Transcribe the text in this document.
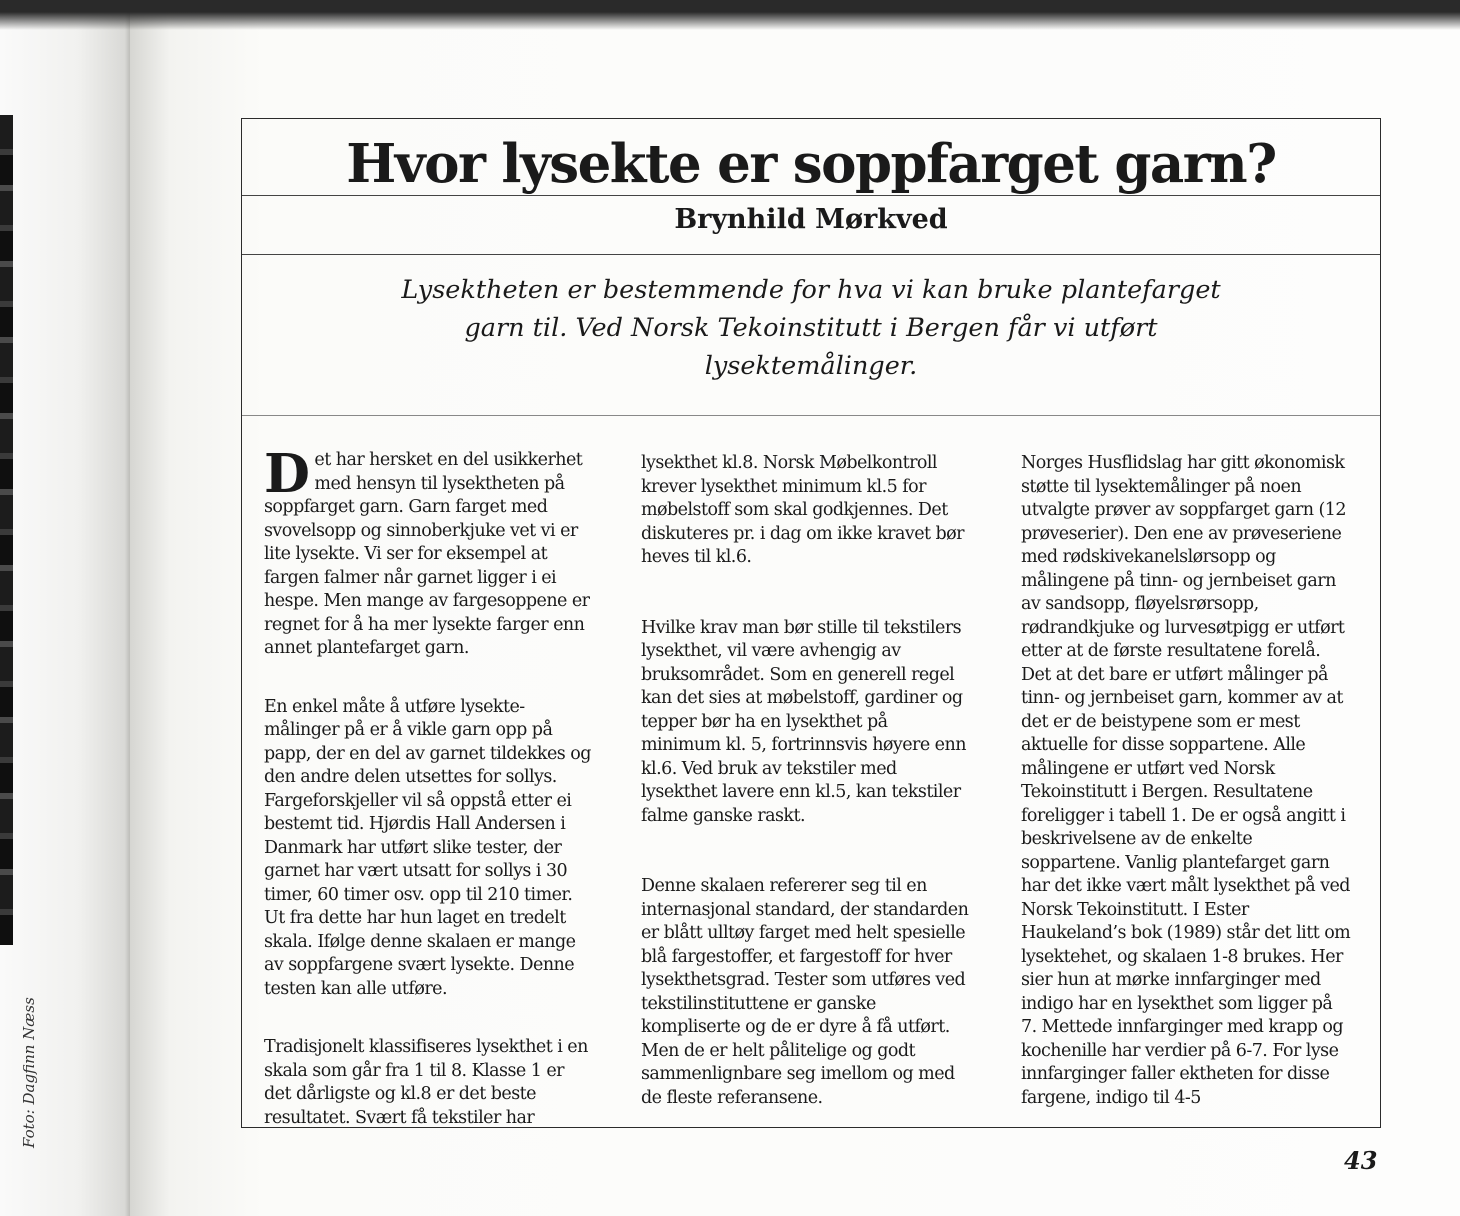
Foto: Dagfinn Næss
Hvor lysekte er soppfarget garn?
Brynhild Mørkved

Lysektheten er bestemmende for hva vi kan bruke plantefarget garn til. Ved Norsk Tekoinstitutt i Bergen får vi utført lysektemålinger.

Det har hersket en del usikkerhet med hensyn til lysektheten på soppfarget garn. Garn farget med svovelsopp og sinnoberkjuke vet vi er lite lysekte. Vi ser for eksempel at fargen falmer når garnet ligger i ei hespe. Men mange av fargesoppene er regnet for å ha mer lysekte farger enn annet plantefarget garn.

En enkel måte å utføre lysektemålinger på er å vikle garn opp på papp, der en del av garnet tildekkes og den andre delen utsettes for sollys. Fargeforskjeller vil så oppstå etter ei bestemt tid. Hjørdis Hall Andersen i Danmark har utført slike tester, der garnet har vært utsatt for sollys i 30 timer, 60 timer osv. opp til 210 timer. Ut fra dette har hun laget en tredelt skala. Ifølge denne skalaen er mange av soppfargene svært lysekte. Denne testen kan alle utføre.

Tradisjonelt klassifiseres lysekthet i en skala som går fra 1 til 8. Klasse 1 er det dårligste og kl.8 er det beste resultatet. Svært få tekstiler har

lysekthet kl.8. Norsk Møbelkontroll krever lysekthet minimum kl.5 for møbelstoff som skal godkjennes. Det diskuteres pr. i dag om ikke kravet bør heves til kl.6.

Hvilke krav man bør stille til tekstilers lysekthet, vil være avhengig av bruksområdet. Som en generell regel kan det sies at møbelstoff, gardiner og tepper bør ha en lysekthet på minimum kl. 5, fortrinnsvis høyere enn kl.6. Ved bruk av tekstiler med lysekthet lavere enn kl.5, kan tekstiler falme ganske raskt.

Denne skalaen refererer seg til en internasjonal standard, der standarden er blått ulltøy farget med helt spesielle blå fargestoffer, et fargestoff for hver lysekthetsgrad. Tester som utføres ved tekstilinstituttene er ganske kompliserte og de er dyre å få utført. Men de er helt pålitelige og godt sammenlignbare seg imellom og med de fleste referansene.

Norges Husflidslag har gitt økonomisk støtte til lysektemålinger på noen utvalgte prøver av soppfarget garn (12 prøveserier). Den ene av prøveseriene med rødskivekanelslørsopp og målingene på tinn- og jernbeiset garn av sandsopp, fløyelsrørsopp, rødrandkjuke og lurvesøtpigg er utført etter at de første resultatene forelå. Det at det bare er utført målinger på tinn- og jernbeiset garn, kommer av at det er de beistypene som er mest aktuelle for disse soppartene. Alle målingene er utført ved Norsk Tekoinstitutt i Bergen. Resultatene foreligger i tabell 1. De er også angitt i beskrivelsene av de enkelte soppartene. Vanlig plantefarget garn har det ikke vært målt lysekthet på ved Norsk Tekoinstitutt. I Ester Haukeland’s bok (1989) står det litt om lysektehet, og skalaen 1-8 brukes. Her sier hun at mørke innfarginger med indigo har en lysekthet som ligger på 7. Mettede innfarginger med krapp og kochenille har verdier på 6-7. For lyse innfarginger faller ektheten for disse fargene, indigo til 4-5

43
